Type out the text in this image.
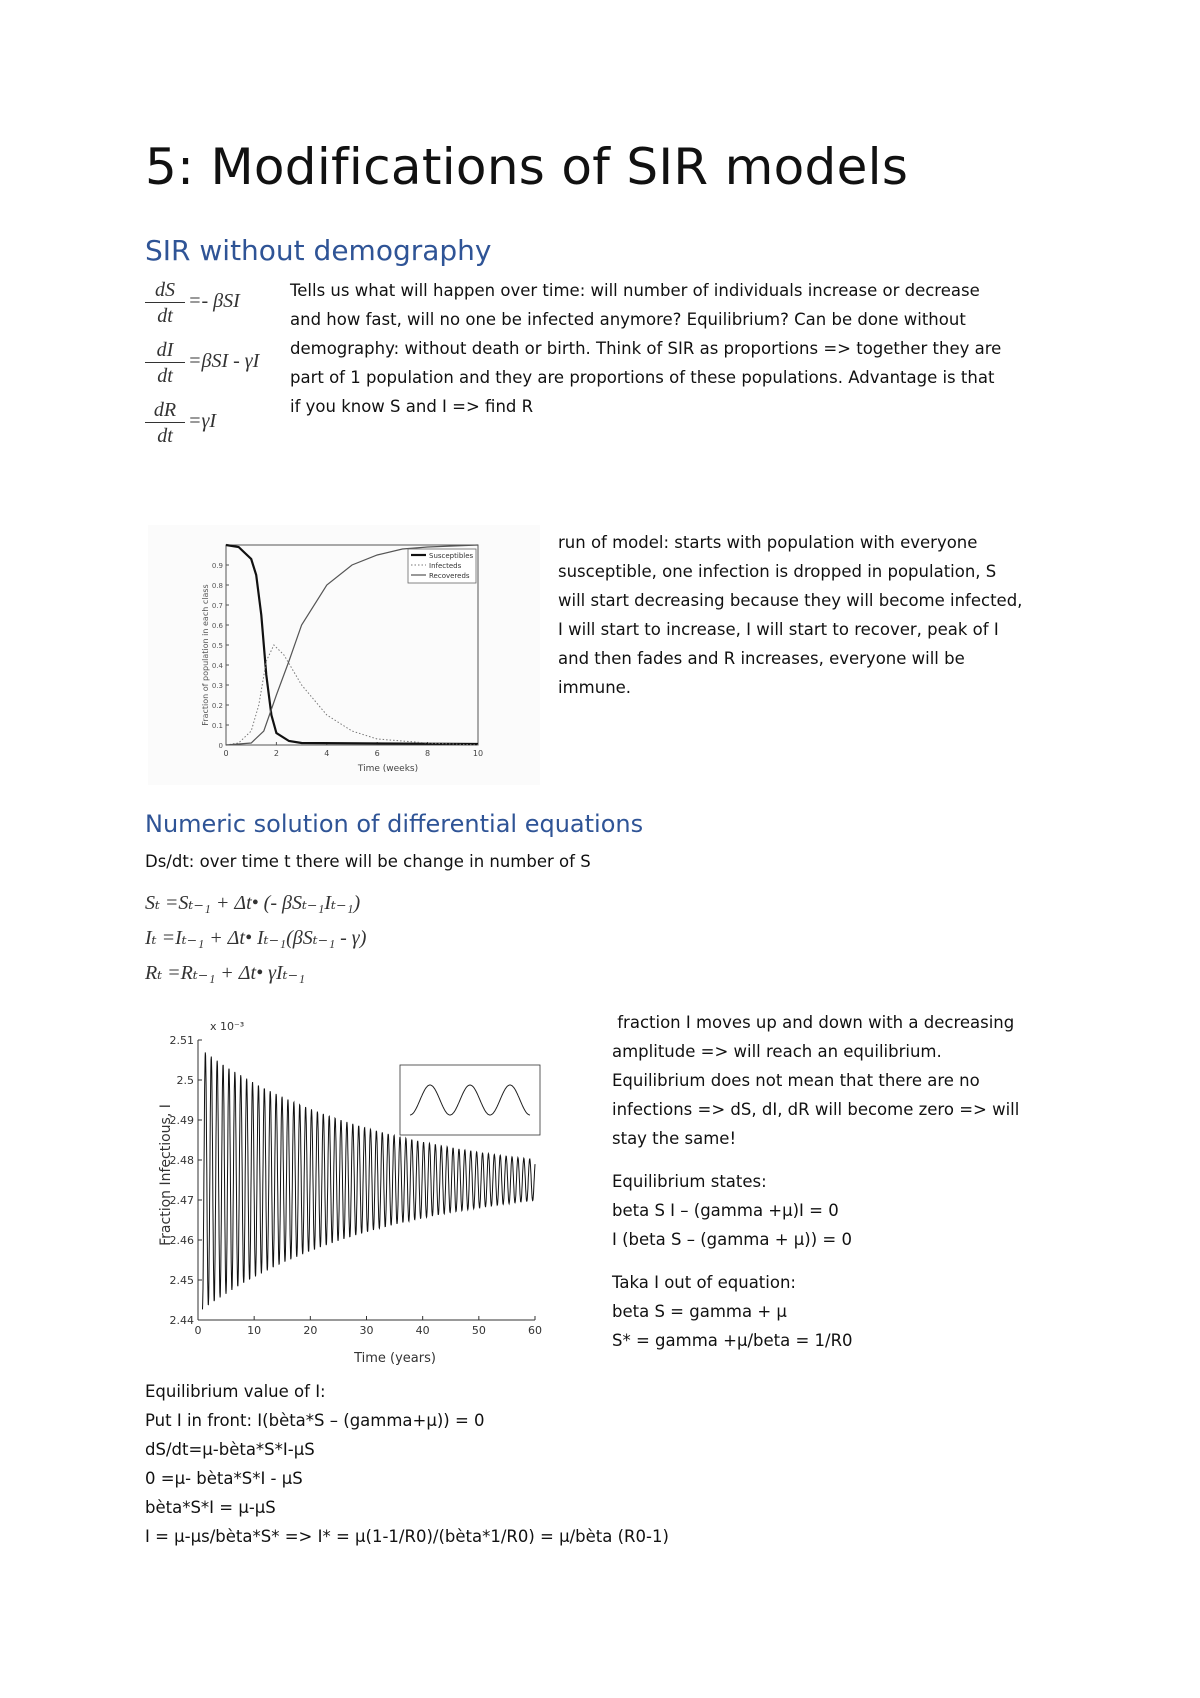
5: Modifications of SIR models
SIR without demography
$\frac{dS}{dt} =- \beta SI$
$\frac{dI}{dt} =\beta SI - \gamma I$
$\frac{dR}{dt} =\gamma I$

Tells us what will happen over time: will number of individuals increase or decrease

and how fast, will no one be infected anymore? Equilibrium? Can be done without

demography: without death or birth. Think of SIR as proportions => together they are

part of 1 population and they are proportions of these populations. Advantage is that

if you know S and I => find R

0	2	4	6	8	10
0
0.1
0.2
0.3
0.4
0.5
0.6
0.7
0.8
0.9
Susceptibles
Infecteds
Recovereds
Time (weeks)
Fraction of population in each class

run of model: starts with population with everyone

susceptible, one infection is dropped in population, S

will start decreasing because they will become infected,

I will start to increase, I will start to recover, peak of I

and then fades and R increases, everyone will be

immune.

Numeric solution of differential equations
Ds/dt: over time t there will be change in number of S
Sₜ =Sₜ₋₁ + Δt• (- βSₜ₋₁Iₜ₋₁)
Iₜ =Iₜ₋₁ + Δt• Iₜ₋₁(βSₜ₋₁ - γ)
Rₜ =Rₜ₋₁ + Δt• γIₜ₋₁
0	10	20	30	40	50	60
2.44
2.45
2.46
2.47
2.48
2.49
2.5
2.51
x 10⁻³
Time (years)
Fraction Infectious, I

fraction I moves up and down with a decreasing

amplitude => will reach an equilibrium.

Equilibrium does not mean that there are no

infections => dS, dI, dR will become zero => will

stay the same!

Equilibrium states:

beta S I – (gamma +μ)I = 0

I (beta S – (gamma + μ)) = 0

Taka I out of equation:

beta S = gamma + μ

S* = gamma +μ/beta = 1/R0

Equilibrium value of I:

Put I in front: I(bèta*S – (gamma+μ)) = 0

dS/dt=μ-bèta*S*I-μS

0 =μ- bèta*S*I - μS

bèta*S*I = μ-μS

I = μ-μs/bèta*S* => I* = μ(1-1/R0)/(bèta*1/R0) = μ/bèta (R0-1)
